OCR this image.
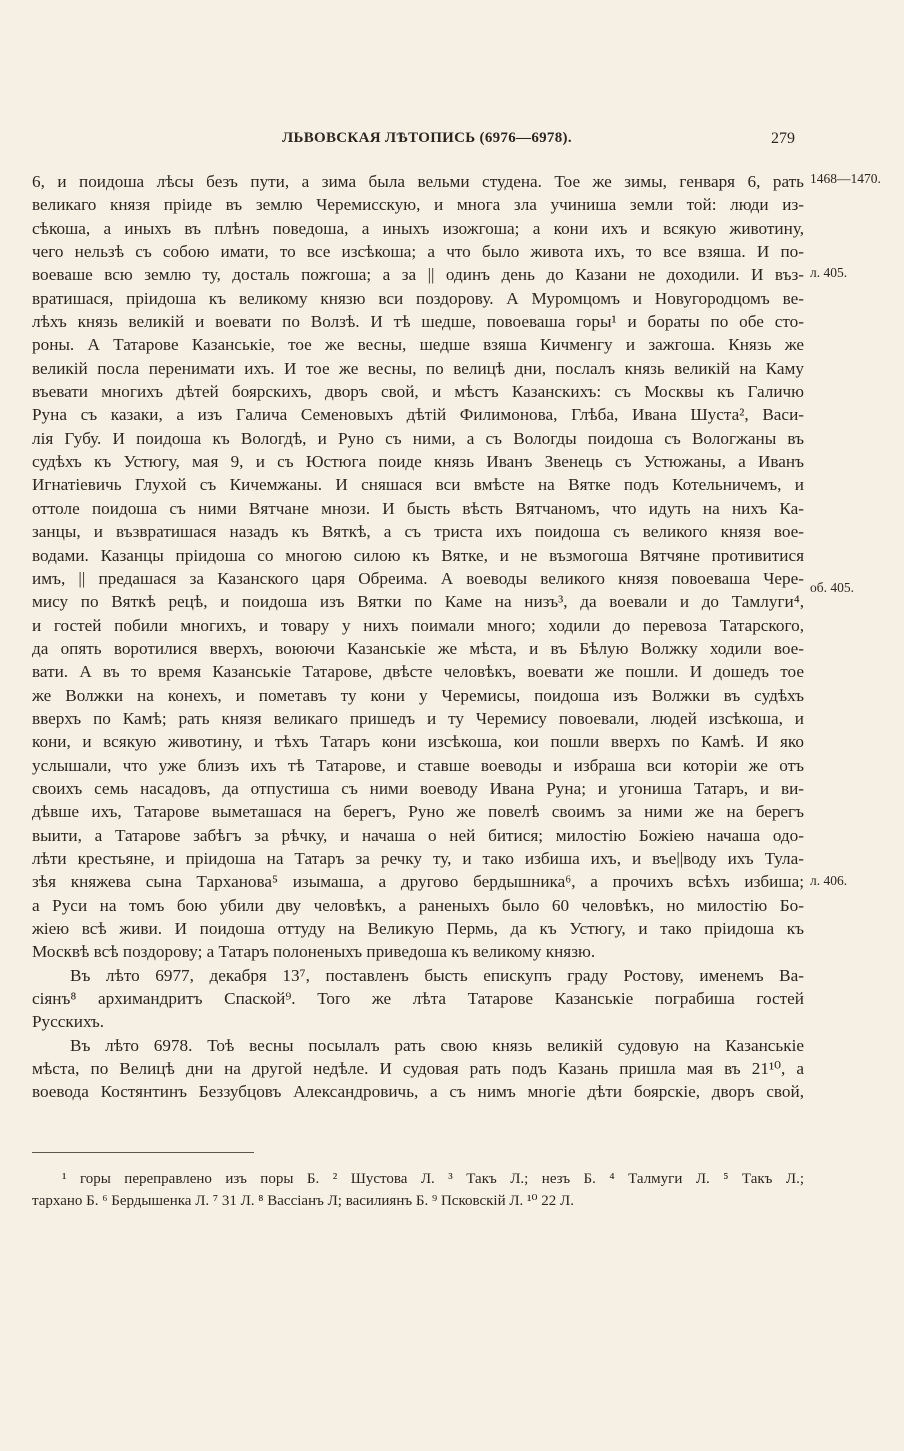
ЛЬВОВСКАЯ ЛѢТОПИСЬ (6976—6978).	279
1468—1470.
л. 405.
об. 405.
л. 406.
6, и поидоша лѣсы безъ пути, а зима была вельми студена. Тое же зимы, генваря 6, рать
великаго князя пріиде въ землю Черемисскую, и многа зла учиниша земли той: люди из-
сѣкоша, а иныхъ въ плѣнъ поведоша, а иныхъ изожгоша; а кони ихъ и всякую животину,
чего нельзѣ съ собою имати, то все изсѣкоша; а что было живота ихъ, то все взяша. И по-
воеваше всю землю ту, досталь пожгоша; а за || одинъ день до Казани не доходили. И въз-
вратишася, пріидоша къ великому князю вси поздорову. А Муромцомъ и Новугородцомъ ве-
лѣхъ князь великій и воевати по Волзѣ. И тѣ шедше, повоеваша горы¹ и бораты по обе сто-
роны. А Татарове Казанськіе, тое же весны, шедше взяша Кичменгу и зажгоша. Князь же
великій посла перенимати ихъ. И тое же весны, по велицѣ дни, послалъ князь великій на Каму
въевати многихъ дѣтей боярскихъ, дворъ свой, и мѣстъ Казанскихъ: съ Москвы къ Галичю
Руна съ казаки, а изъ Галича Семеновыхъ дѣтій Филимонова, Глѣба, Ивана Шуста², Васи-
лія Губу. И поидоша къ Вологдѣ, и Руно съ ними, а съ Вологды поидоша съ Вологжаны въ
судѣхъ къ Устюгу, мая 9, и съ Юстюга поиде князь Иванъ Звенець съ Устюжаны, а Иванъ
Игнатіевичь Глухой съ Кичемжаны. И сняшася вси вмѣсте на Вятке подъ Котельничемъ, и
оттоле поидоша съ ними Вятчане мнози. И бысть вѣсть Вятчаномъ, что идуть на нихъ Ка-
занцы, и възвратишася назадъ къ Вяткѣ, а съ триста ихъ поидоша съ великого князя вое-
водами. Казанцы пріидоша со многою силою къ Вятке, и не възмогоша Вятчяне противитися
имъ, || предашася за Казанского царя Обреима. А воеводы великого князя повоеваша Чере-
мису по Вяткѣ рецѣ, и поидоша изъ Вятки по Каме на низъ³, да воевали и до Тамлуги⁴,
и гостей побили многихъ, и товару у нихъ поимали много; ходили до перевоза Татарского,
да опять воротилися вверхъ, воюючи Казанськіе же мѣста, и въ Бѣлую Волжку ходили вое-
вати. А въ то время Казанськіе Татарове, двѣсте человѣкъ, воевати же пошли. И дошедъ тое
же Волжки на конехъ, и пометавъ ту кони у Черемисы, поидоша изъ Волжки въ судѣхъ
вверхъ по Камѣ; рать князя великаго пришедъ и ту Черемису повоевали, людей изсѣкоша, и
кони, и всякую животину, и тѣхъ Татаръ кони изсѣкоша, кои пошли вверхъ по Камѣ. И яко
услышали, что уже близъ ихъ тѣ Татарове, и ставше воеводы и избраша вси которіи же отъ
своихъ семь насадовъ, да отпустиша съ ними воеводу Ивана Руна; и угониша Татаръ, и ви-
дѣвше ихъ, Татарове выметашася на берегъ, Руно же повелѣ своимъ за ними же на берегъ
выити, а Татарове забѣгъ за рѣчку, и начаша о ней битися; милостію Божіею начаша одо-
лѣти крестьяне, и пріидоша на Татаръ за речку ту, и тако избиша ихъ, и въе||воду ихъ Тула-
зѣя княжева сына Тарханова⁵ изымаша, а другово бердышника⁶, а прочихъ всѣхъ избиша;
а Руси на томъ бою убили дву человѣкъ, а раненыхъ было 60 человѣкъ, но милостію Бо-
жіею всѣ живи. И поидоша оттуду на Великую Пермь, да къ Устюгу, и тако пріидоша къ
Москвѣ всѣ поздорову; а Татаръ полоненыхъ приведоша къ великому князю.
Въ лѣто 6977, декабря 13⁷, поставленъ бысть епискупъ граду Ростову, именемъ Ва-
сіянъ⁸ архимандритъ Спаской⁹. Того же лѣта Татарове Казанськіе пограбиша гостей
Русскихъ.
Въ лѣто 6978. Тоѣ весны посылалъ рать свою князь великій судовую на Казанськіе
мѣста, по Велицѣ дни на другой недѣле. И судовая рать подъ Казань пришла мая въ 21¹⁰, а
воевода Костянтинъ Беззубцовъ Александровичь, а съ нимъ многіе дѣти боярскіе, дворъ свой,
¹ горы перепр​авлено изъ поры Б. ² Шустова Л. ³ Такъ Л.; незъ Б. ⁴ Талмуги Л. ⁵ Такъ Л.;
тархано Б. ⁶ Бердышенка Л. ⁷ 31 Л. ⁸ Вассіанъ Л; василиянъ Б. ⁹ Псковскій Л. ¹⁰ 22 Л.
